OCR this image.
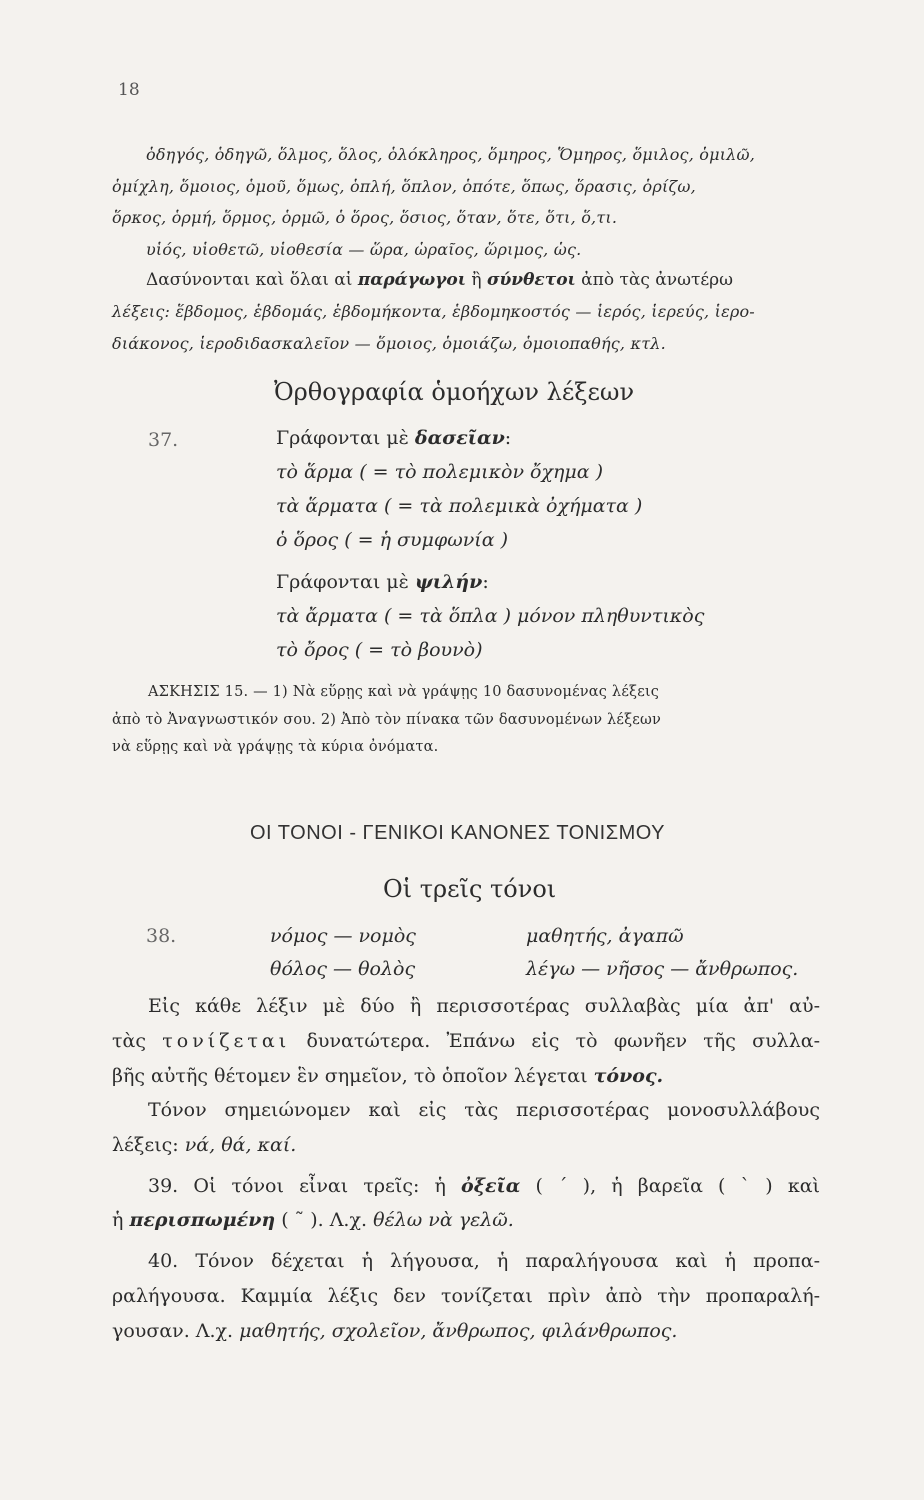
18
ὁδηγός, ὁδηγῶ, ὅλμος, ὅλος, ὁλόκληρος, ὅμηρος, Ὅμηρος, ὅμιλος, ὁμιλῶ,
ὁμίχλη, ὅμοιος, ὁμοῦ, ὅμως, ὁπλή, ὅπλον, ὁπότε, ὅπως, ὅρασις, ὁρίζω,
ὅρκος, ὁρμή, ὅρμος, ὁρμῶ, ὁ ὅρος, ὅσιος, ὅταν, ὅτε, ὅτι, ὅ,τι.
υἱός, υἱοθετῶ, υἱοθεσία — ὥρα, ὡραῖος, ὥριμος, ὡς.
Δασύνονται καὶ ὅλαι αἱ παράγωγοι ἢ σύνθετοι ἀπὸ τὰς ἀνωτέρω
λέξεις: ἕβδομος, ἑβδομάς, ἑβδομήκοντα, ἑβδομηκοστός — ἱερός, ἱερεύς, ἱερο-
διάκονος, ἱεροδιδασκαλεῖον — ὅμοιος, ὁμοιάζω, ὁμοιοπαθής, κτλ.
Ὀρθογραφία ὁμοήχων λέξεων
37.	Γράφονται μὲ δασεῖαν:
τὸ ἅρμα ( = τὸ πολεμικὸν ὄχημα )
τὰ ἅρματα ( = τὰ πολεμικὰ ὀχήματα )
ὁ ὅρος ( = ἡ συμφωνία )
Γράφονται μὲ ψιλήν:
τὰ ἄρματα ( = τὰ ὅπλα ) μόνον πληθυντικὸς
τὸ ὄρος ( = τὸ βουνὸ)
ΑΣΚΗΣΙΣ 15. — 1) Νὰ εὕρῃς καὶ νὰ γράψῃς 10 δασυνομένας λέξεις
ἀπὸ τὸ Ἀναγνωστικόν σου. 2) Ἀπὸ τὸν πίνακα τῶν δασυνομένων λέξεων
νὰ εὕρῃς καὶ νὰ γράψῃς τὰ κύρια ὀνόματα.
ΟΙ ΤΟΝΟΙ - ΓΕΝΙΚΟΙ ΚΑΝΟΝΕΣ ΤΟΝΙΣΜΟΥ
Οἱ τρεῖς τόνοι
38.	νόμος — νομὸς	μαθητής, ἀγαπῶ
θόλος — θολὸς	λέγω — νῆσος — ἄνθρωπος.
Εἰς κάθε λέξιν μὲ δύο ἢ περισσοτέρας συλλαβὰς μία ἀπ' αὐ-
τὰς τονίζεται δυνατώτερα. Ἐπάνω εἰς τὸ φωνῆεν τῆς συλλα-
βῆς αὐτῆς θέτομεν ἓν σημεῖον, τὸ ὁποῖον λέγεται τόνος.
Τόνον σημειώνομεν καὶ εἰς τὰς περισσοτέρας μονοσυλλάβους
λέξεις: νά, θά, καί.
39. Οἱ τόνοι εἶναι τρεῖς: ἡ ὀξεῖα ( ΄ ), ἡ βαρεῖα ( ` ) καὶ
ἡ περισπωμένη ( ῀ ). Λ.χ. θέλω νὰ γελῶ.
40. Τόνον δέχεται ἡ λήγουσα, ἡ παραλήγουσα καὶ ἡ προπα-
ραλήγουσα. Καμμία λέξις δεν τονίζεται πρὶν ἀπὸ τὴν προπαραλή-
γουσαν. Λ.χ. μαθητής, σχολεῖον, ἄνθρωπος, φιλάνθρωπος.
